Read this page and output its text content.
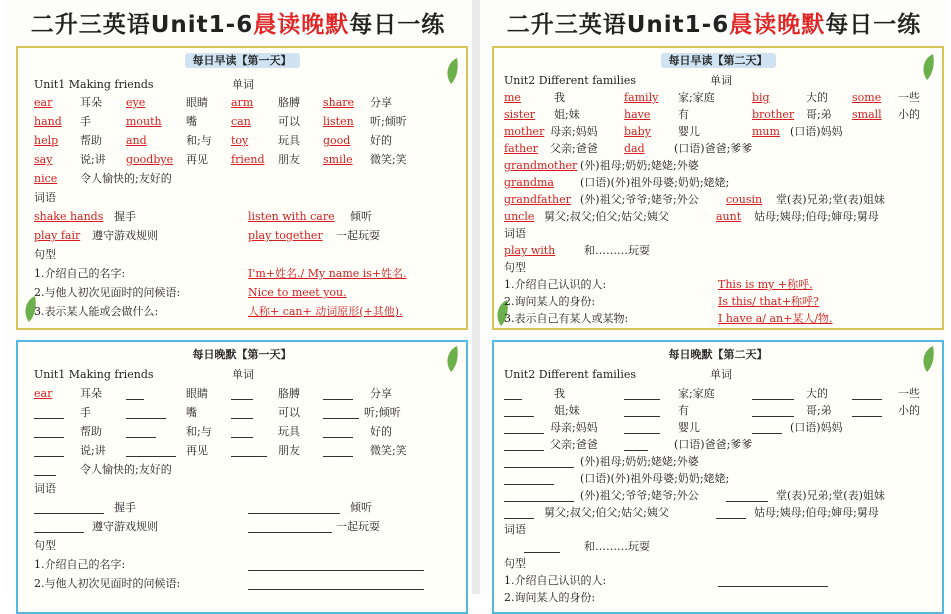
二升三英语Unit1-6晨读晚默每日一练
每日早读【第一天】
Unit1 Making friends	单词
ear	耳朵 eye	眼睛 arm 胳膊 share 分享
hand 手	mouth 嘴	can 可以 listen 听;倾听
help 帮助 and	和;与 toy	玩具 good 好的
say	说;讲 goodbye 再见 friend 朋友 smile 微笑;笑
nice 令人愉快的;友好的
词语
shake hands 握手	listen with care 倾听
play fair 遵守游戏规则	play together 一起玩耍
句型
1.介绍自己的名字:	I'm+姓名./ My name is+姓名.
2.与他人初次见面时的问候语:	Nice to meet you.
3.表示某人能或会做什么:	人称+ can+ 动词原形(+其他).
每日晚默【第一天】
Unit1 Making friends	单词
ear	耳朵	眼睛	胳膊	分享
手	嘴	可以	听;倾听
帮助	和;与	玩具	好的
说;讲	再见	朋友	微笑;笑
令人愉快的;友好的
词语
握手	倾听
遵守游戏规则	一起玩耍
句型
1.介绍自己的名字:
2.与他人初次见面时的问候语:
二升三英语Unit1-6晨读晚默每日一练
每日早读【第二天】
Unit2 Different families	单词
me	我	family 家;家庭	big	大的 some 一些
sister 姐;妹	have	有	brother 哥;弟 small 小的
mother 母亲;妈妈 baby 婴儿	mum (口语)妈妈
father 父亲;爸爸 dad	(口语)爸爸;爹爹
grandmother (外)祖母;奶奶;姥姥;外婆
grandma (口语)(外)祖外母婆;奶奶;姥姥;
grandfather (外)祖父;爷爷;姥爷;外公 cousin 堂(表)兄弟;堂(表)姐妹
uncle 舅父;叔父;伯父;姑父;姨父	aunt 姑母;姨母;伯母;婶母;舅母
词语
play with	和………玩耍
句型
1.介绍自己认识的人:	This is my +称呼.
2.询问某人的身份:	Is this/ that+称呼?
3.表示自己有某人或某物:	I have a/ an+某人/物.
每日晚默【第二天】
Unit2 Different families	单词
我	家;家庭	大的	一些
姐;妹	有	哥;弟	小的
母亲;妈妈	婴儿	(口语)妈妈
父亲;爸爸	(口语)爸爸;爹爹
(外)祖母;奶奶;姥姥;外婆
(口语)(外)祖外母婆;奶奶;姥姥;
(外)祖父;爷爷;姥爷;外公	堂(表)兄弟;堂(表)姐妹
舅父;叔父;伯父;姑父;姨父	姑母;姨母;伯母;婶母;舅母
词语
和………玩耍
句型
1.介绍自己认识的人:
2.询问某人的身份:
